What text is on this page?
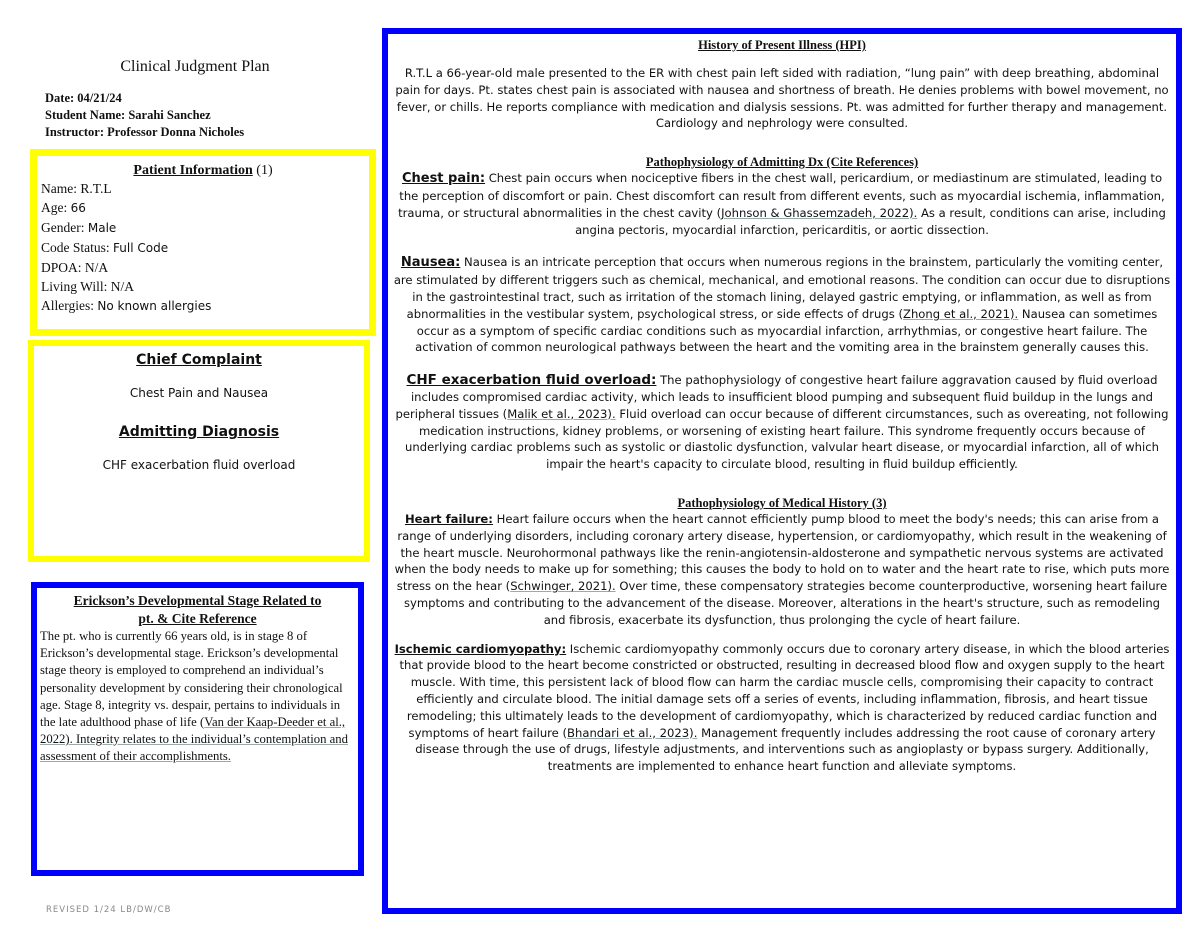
Clinical Judgment Plan
Date: 04/21/24
Student Name: Sarahi Sanchez
Instructor: Professor Donna Nicholes
Patient Information (1)
Name: R.T.L
Age: 66
Gender: Male
Code Status: Full Code
DPOA: N/A
Living Will: N/A
Allergies: No known allergies
Chief Complaint
Chest Pain and Nausea
Admitting Diagnosis
CHF exacerbation fluid overload
Erickson’s Developmental Stage Related to
pt. & Cite Reference
The pt. who is currently 66 years old, is in stage 8 of Erickson’s developmental stage. Erickson’s developmental stage theory is employed to comprehend an individual’s personality development by considering their chronological age. Stage 8, integrity vs. despair, pertains to individuals in the late adulthood phase of life (Van der Kaap-Deeder et al., 2022). Integrity relates to the individual’s contemplation and assessment of their accomplishments.
REVISED 1/24 LB/DW/CB
History of Present Illness (HPI)
R.T.L a 66-year-old male presented to the ER with chest pain left sided with radiation, “lung pain” with deep breathing, abdominal pain for days. Pt. states chest pain is associated with nausea and shortness of breath. He denies problems with bowel movement, no fever, or chills. He reports compliance with medication and dialysis sessions. Pt. was admitted for further therapy and management. Cardiology and nephrology were consulted.
Pathophysiology of Admitting Dx (Cite References)
Chest pain: Chest pain occurs when nociceptive fibers in the chest wall, pericardium, or mediastinum are stimulated, leading to the perception of discomfort or pain. Chest discomfort can result from different events, such as myocardial ischemia, inflammation, trauma, or structural abnormalities in the chest cavity (Johnson & Ghassemzadeh, 2022). As a result, conditions can arise, including angina pectoris, myocardial infarction, pericarditis, or aortic dissection.
Nausea: Nausea is an intricate perception that occurs when numerous regions in the brainstem, particularly the vomiting center, are stimulated by different triggers such as chemical, mechanical, and emotional reasons. The condition can occur due to disruptions in the gastrointestinal tract, such as irritation of the stomach lining, delayed gastric emptying, or inflammation, as well as from abnormalities in the vestibular system, psychological stress, or side effects of drugs (Zhong et al., 2021). Nausea can sometimes occur as a symptom of specific cardiac conditions such as myocardial infarction, arrhythmias, or congestive heart failure. The activation of common neurological pathways between the heart and the vomiting area in the brainstem generally causes this.
CHF exacerbation fluid overload: The pathophysiology of congestive heart failure aggravation caused by fluid overload includes compromised cardiac activity, which leads to insufficient blood pumping and subsequent fluid buildup in the lungs and peripheral tissues (Malik et al., 2023). Fluid overload can occur because of different circumstances, such as overeating, not following medication instructions, kidney problems, or worsening of existing heart failure. This syndrome frequently occurs because of underlying cardiac problems such as systolic or diastolic dysfunction, valvular heart disease, or myocardial infarction, all of which impair the heart's capacity to circulate blood, resulting in fluid buildup efficiently.
Pathophysiology of Medical History (3)
Heart failure: Heart failure occurs when the heart cannot efficiently pump blood to meet the body's needs; this can arise from a range of underlying disorders, including coronary artery disease, hypertension, or cardiomyopathy, which result in the weakening of the heart muscle. Neurohormonal pathways like the renin-angiotensin-aldosterone and sympathetic nervous systems are activated when the body needs to make up for something; this causes the body to hold on to water and the heart rate to rise, which puts more stress on the hear (Schwinger, 2021). Over time, these compensatory strategies become counterproductive, worsening heart failure symptoms and contributing to the advancement of the disease. Moreover, alterations in the heart's structure, such as remodeling and fibrosis, exacerbate its dysfunction, thus prolonging the cycle of heart failure.
Ischemic cardiomyopathy: Ischemic cardiomyopathy commonly occurs due to coronary artery disease, in which the blood arteries that provide blood to the heart become constricted or obstructed, resulting in decreased blood flow and oxygen supply to the heart muscle. With time, this persistent lack of blood flow can harm the cardiac muscle cells, compromising their capacity to contract efficiently and circulate blood. The initial damage sets off a series of events, including inflammation, fibrosis, and heart tissue remodeling; this ultimately leads to the development of cardiomyopathy, which is characterized by reduced cardiac function and symptoms of heart failure (Bhandari et al., 2023). Management frequently includes addressing the root cause of coronary artery disease through the use of drugs, lifestyle adjustments, and interventions such as angioplasty or bypass surgery. Additionally, treatments are implemented to enhance heart function and alleviate symptoms.
